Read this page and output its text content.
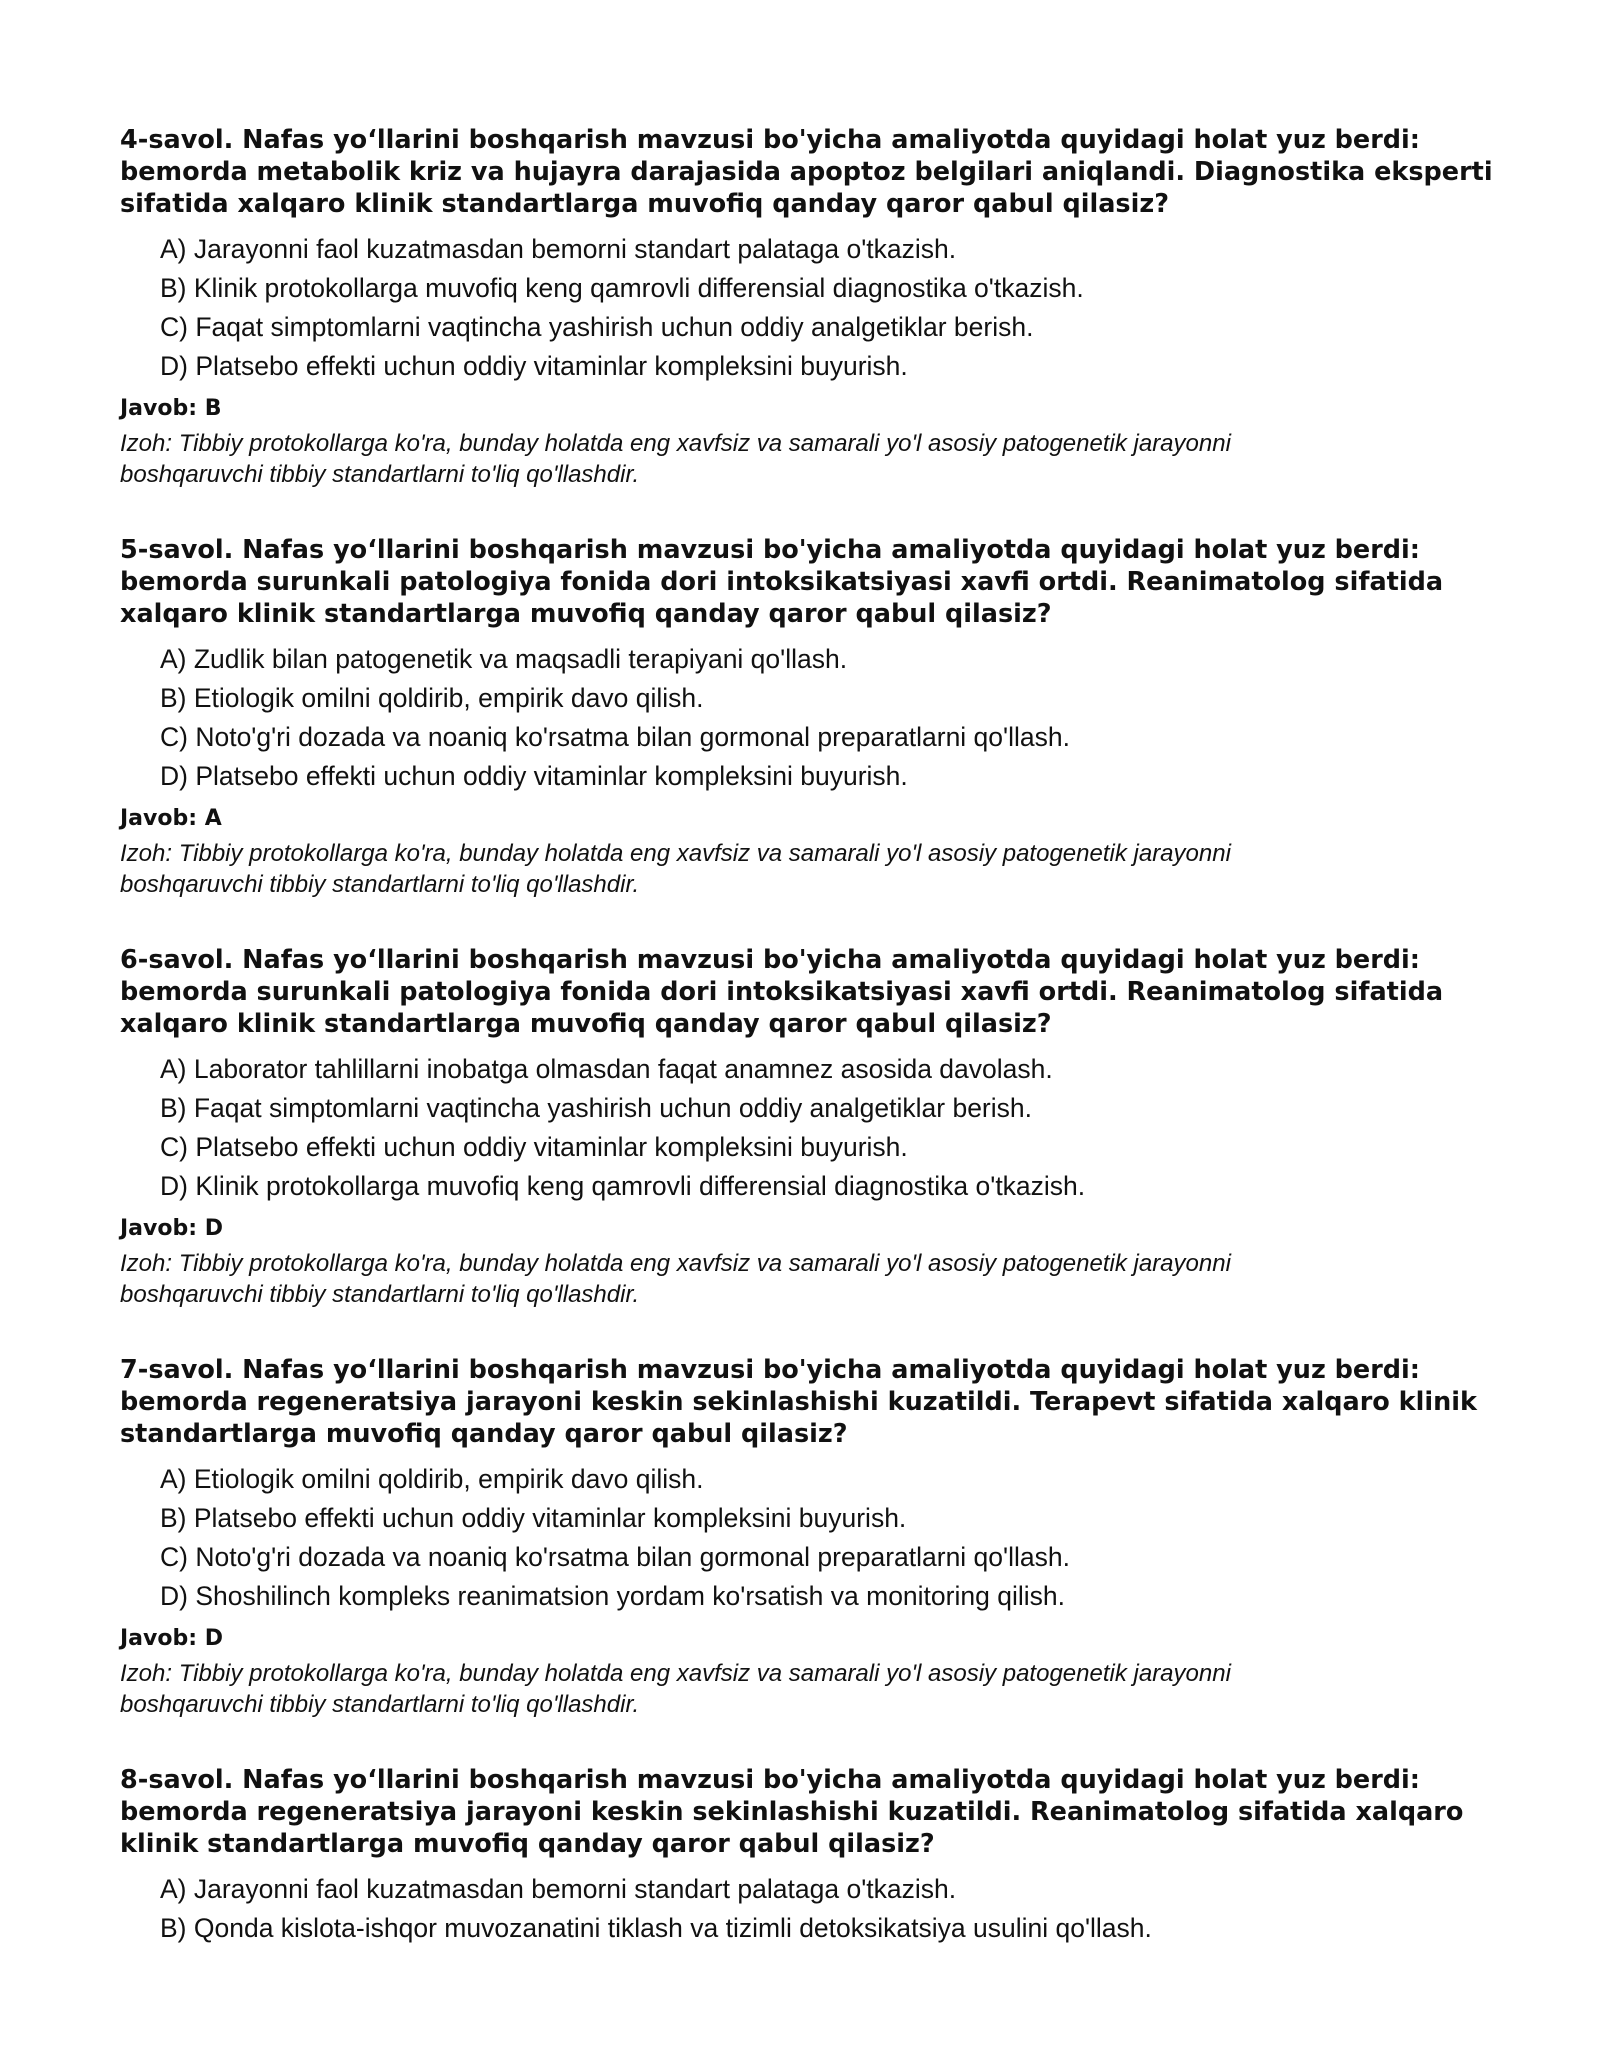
4-savol. Nafas yo‘llarini boshqarish mavzusi bo'yicha amaliyotda quyidagi holat yuz berdi: bemorda metabolik kriz va hujayra darajasida apoptoz belgilari aniqlandi. Diagnostika eksperti sifatida xalqaro klinik standartlarga muvofiq qanday qaror qabul qilasiz?

A) Jarayonni faol kuzatmasdan bemorni standart palataga o'tkazish.
B) Klinik protokollarga muvofiq keng qamrovli differensial diagnostika o'tkazish.
C) Faqat simptomlarni vaqtincha yashirish uchun oddiy analgetiklar berish.
D) Platsebo effekti uchun oddiy vitaminlar kompleksini buyurish.

Javob: B

Izoh: Tibbiy protokollarga ko'ra, bunday holatda eng xavfsiz va samarali yo'l asosiy patogenetik jarayonni boshqaruvchi tibbiy standartlarni to'liq qo'llashdir.

5-savol. Nafas yo‘llarini boshqarish mavzusi bo'yicha amaliyotda quyidagi holat yuz berdi: bemorda surunkali patologiya fonida dori intoksikatsiyasi xavfi ortdi. Reanimatolog sifatida xalqaro klinik standartlarga muvofiq qanday qaror qabul qilasiz?

A) Zudlik bilan patogenetik va maqsadli terapiyani qo'llash.
B) Etiologik omilni qoldirib, empirik davo qilish.
C) Noto'g'ri dozada va noaniq ko'rsatma bilan gormonal preparatlarni qo'llash.
D) Platsebo effekti uchun oddiy vitaminlar kompleksini buyurish.

Javob: A

Izoh: Tibbiy protokollarga ko'ra, bunday holatda eng xavfsiz va samarali yo'l asosiy patogenetik jarayonni boshqaruvchi tibbiy standartlarni to'liq qo'llashdir.

6-savol. Nafas yo‘llarini boshqarish mavzusi bo'yicha amaliyotda quyidagi holat yuz berdi: bemorda surunkali patologiya fonida dori intoksikatsiyasi xavfi ortdi. Reanimatolog sifatida xalqaro klinik standartlarga muvofiq qanday qaror qabul qilasiz?

A) Laborator tahlillarni inobatga olmasdan faqat anamnez asosida davolash.
B) Faqat simptomlarni vaqtincha yashirish uchun oddiy analgetiklar berish.
C) Platsebo effekti uchun oddiy vitaminlar kompleksini buyurish.
D) Klinik protokollarga muvofiq keng qamrovli differensial diagnostika o'tkazish.

Javob: D

Izoh: Tibbiy protokollarga ko'ra, bunday holatda eng xavfsiz va samarali yo'l asosiy patogenetik jarayonni boshqaruvchi tibbiy standartlarni to'liq qo'llashdir.

7-savol. Nafas yo‘llarini boshqarish mavzusi bo'yicha amaliyotda quyidagi holat yuz berdi: bemorda regeneratsiya jarayoni keskin sekinlashishi kuzatildi. Terapevt sifatida xalqaro klinik standartlarga muvofiq qanday qaror qabul qilasiz?

A) Etiologik omilni qoldirib, empirik davo qilish.
B) Platsebo effekti uchun oddiy vitaminlar kompleksini buyurish.
C) Noto'g'ri dozada va noaniq ko'rsatma bilan gormonal preparatlarni qo'llash.
D) Shoshilinch kompleks reanimatsion yordam ko'rsatish va monitoring qilish.

Javob: D

Izoh: Tibbiy protokollarga ko'ra, bunday holatda eng xavfsiz va samarali yo'l asosiy patogenetik jarayonni boshqaruvchi tibbiy standartlarni to'liq qo'llashdir.

8-savol. Nafas yo‘llarini boshqarish mavzusi bo'yicha amaliyotda quyidagi holat yuz berdi: bemorda regeneratsiya jarayoni keskin sekinlashishi kuzatildi. Reanimatolog sifatida xalqaro klinik standartlarga muvofiq qanday qaror qabul qilasiz?

A) Jarayonni faol kuzatmasdan bemorni standart palataga o'tkazish.
B) Qonda kislota-ishqor muvozanatini tiklash va tizimli detoksikatsiya usulini qo'llash.
